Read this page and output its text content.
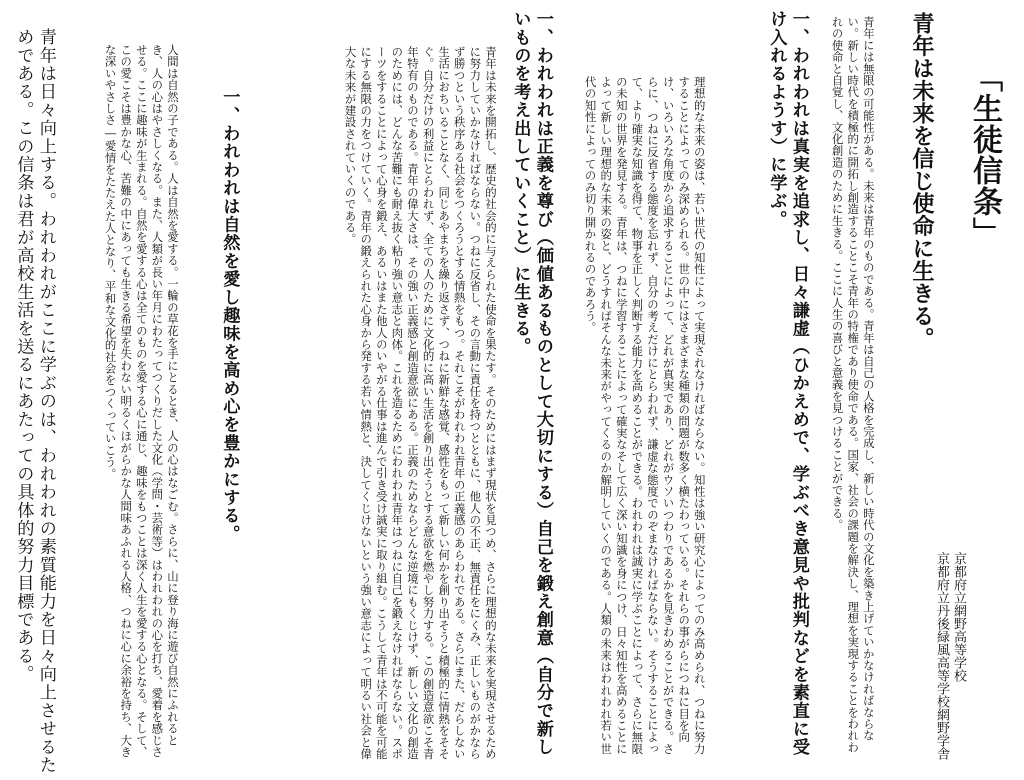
「生徒信条」
青年は未来を信じ使命に生きる。

京都府立網野高等学校
京都府立丹後緑風高等学校網野学舎

青年には無限の可能性がある。未来は青年のものである。青年は自己の人格を完成し、新しい時代の文化を築き上げていかなければならない。新しい時代を積極的に開拓し創造することこそ青年の特権であり使命である。国家、社会の課題を解決し、理想を実現することをわれわれの使命と自覚し、文化創造のために生きる。ここに人生の喜びと意義を見つけることができる。

一、われわれは真実を追求し、日々謙虚（ひかえめで、学ぶべき意見や批判などを素直に受け入れるようす）に学ぶ。

理想的な未来の姿は、若い世代の知性によって実現されなければならない。知性は強い研究心によってのみ高められ、つねに努力することによってのみ深められる。世の中にはさまざまな種類の問題が数多く横たわっている。それらの事がらにつねに目を向け、いろいろな角度から追求することによって、どれが真実であり、どれがウソいつわりであるかを見きわめることができる。さらに、つねに反省する態度を忘れず、自分の考えだけにとらわれず、謙虚な態度でのぞまなければならない。そうすることによって、より確実な知識を得て、物事を正しく判断する能力を高めることができる。われわれは誠実に学ぶことによって、さらに無限の未知の世界を発見する。青年は、つねに学習することによって確実なそして広く深い知識を身につけ、日々知性を高めることによって新しい理想的な未来の姿と、どうすればそんな未来がやってくるのか解明していくのである。人類の未来はわれわれ若い世代の知性によってのみ切り開かれるのであろう。

一、われわれは正義を尊び（価値あるものとして大切にする）自己を鍛え創意（自分で新しいものを考え出していくこと）に生きる。

青年は未来を開拓し、歴史的社会的に与えられた使命を果たす。そのためにはまず現状を見つめ、さらに理想的な未来を実現させるために努力していかなければならない。つねに反省し、その言動に責任を持つとともに、他人の不正、無責任をにくみ、正しいものがかならず勝つという秩序ある社会をつくろうとする情熱をもつ。それこそがわれわれ青年の正義感のあらわれである。さらにまた、だらしない生活におちいることなく、同じあやまちを繰り返さず、つねに新鮮な感覚、感性をもって新しい何かを創り出そうと積極的に情熱をそそぐ。自分だけの利益にとらわれず、全ての人のために文化的に高い生活を創り出そうとする意欲を燃やし努力する。この創造意欲こそ青年特有のものである。青年の偉大さは、その強い正義感と創造意欲にある。正義のためならどんな逆境にもくじけず、新しい文化の創造のためには、どんな苦難にも耐え抜く粘り強い意志と肉体。これを造るためにわれわれ青年はつねに自己を鍛えなければならない。スポーツをすることによって心身を鍛え、あるいはまた他人のいやがる仕事は進んで引き受け誠実に取り組む。こうして青年は不可能を可能にする無限の力をつけていく。青年の鍛えられた心身から発する若い情熱と、決してくじけないという強い意志によって明るい社会と偉大な未来が建設されていくのである。

一、われわれは自然を愛し趣味を高め心を豊かにする。

人間は自然の子である。人は自然を愛する。一輪の草花を手にとるとき、人の心はなごむ。さらに、山に登り海に遊び自然にふれるとき、人の心はやさしくなる。また、人類が長い年月にわたってつくりだした文化（学問・芸術等）はわれわれの心を打ち、愛着を感じさせる。ここに趣味が生まれる。自然を愛する心は全てのものを愛する心に通じ、趣味をもつことは深く人生を愛する心となる。そして、この愛こそは豊かな心、苦難の中にあっても生きる希望を失わない明るくほがらかな人間味あふれる人格、つねに心に余裕を持ち、大きな深いやさしさ―愛情をたたえた人となり、平和な文化的社会をつくっていこう。

青年は日々向上する。われわれがここに学ぶのは、われわれの素質能力を日々向上させるためである。この信条は君が高校生活を送るにあたっての具体的努力目標である。
